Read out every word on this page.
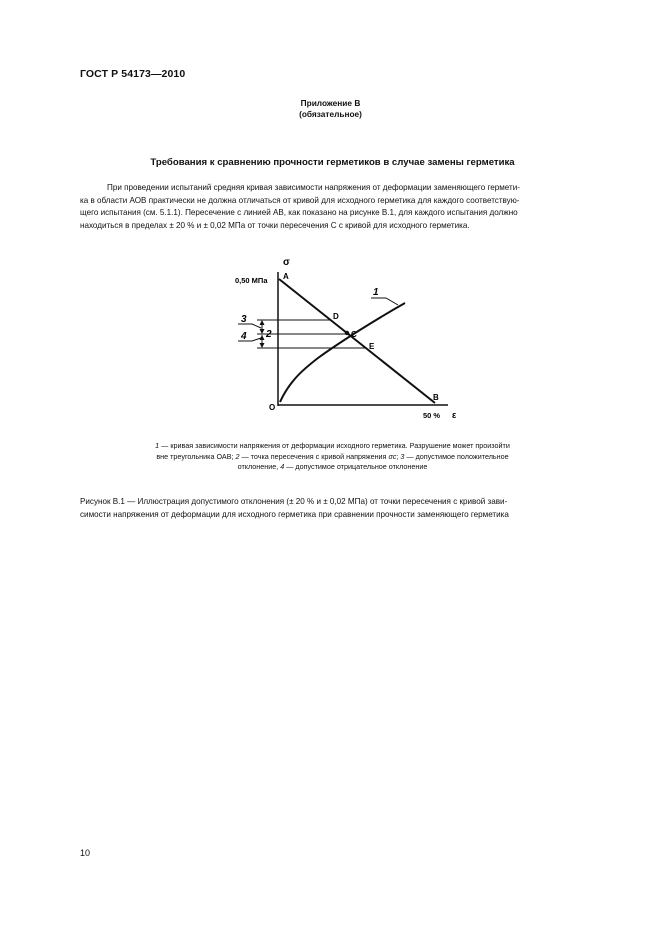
ГОСТ Р 54173—2010
Приложение В
(обязательное)
Требования к сравнению прочности герметиков в случае замены герметика
При проведении испытаний средняя кривая зависимости напряжения от деформации заменяющего гермети-
ка в области АОВ практически не должна отличаться от кривой для исходного герметика для каждого соответствую-
щего испытания (см. 5.1.1). Пересечение с линией АВ, как показано на рисунке В.1, для каждого испытания должно
находиться в пределах ± 20 % и ± 0,02 МПа от точки пересечения С с кривой для исходного герметика.
σ
ε
0,50 МПа
50 %
A
B
C
D
E
O
1
2
3
4
1 — кривая зависимости напряжения от деформации исходного герметика. Разрушение может произойти
вне треугольника ОАВ; 2 — точка пересечения с кривой напряжения σс; 3 — допустимое положительное
отклонение, 4 — допустимое отрицательное отклонение
Рисунок В.1 — Иллюстрация допустимого отклонения (± 20 % и ± 0,02 МПа) от точки пересечения с кривой зави-
симости напряжения от деформации для исходного герметика при сравнении прочности заменяющего герметика
10
